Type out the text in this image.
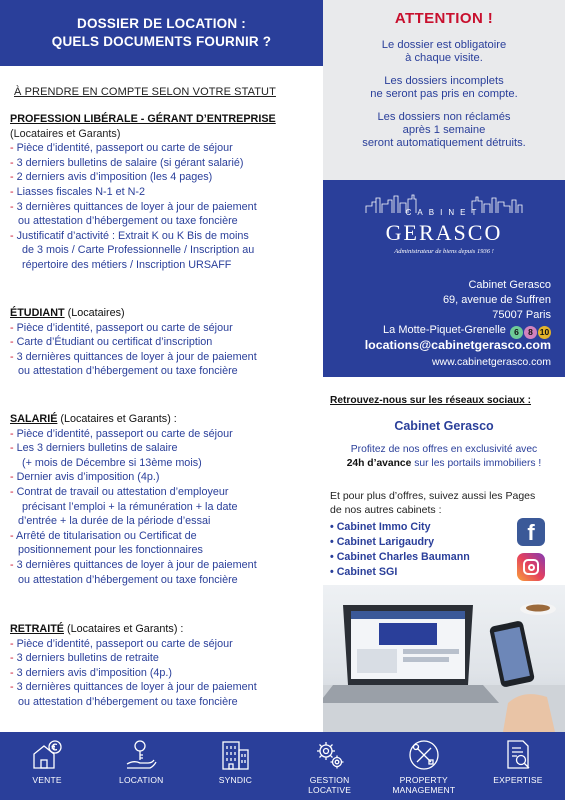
DOSSIER DE LOCATION :
QUELS DOCUMENTS FOURNIR ?
À PRENDRE EN COMPTE SELON VOTRE STATUT
PROFESSION LIBÉRALE - GÉRANT D’ENTREPRISE
(Locataires et Garants)
- Pièce d’identité, passeport ou carte de séjour
- 3 derniers bulletins de salaire (si gérant salarié)
- 2 derniers avis d’imposition (les 4 pages)
- Liasses fiscales N-1 et N-2
- 3 dernières quittances de loyer à jour de paiement
ou attestation d’hébergement ou taxe foncière
- Justificatif d’activité : Extrait K ou K Bis de moins
de 3 mois / Carte Professionnelle / Inscription au
répertoire des métiers / Inscription URSAFF
ÉTUDIANT (Locataires)
- Pièce d’identité, passeport ou carte de séjour
- Carte d’Étudiant ou certificat d’inscription
- 3 dernières quittances de loyer à jour de paiement
ou attestation d’hébergement ou taxe foncière
SALARIÉ (Locataires et Garants) :
- Pièce d’identité, passeport ou carte de séjour
- Les 3 derniers bulletins de salaire
(+ mois de Décembre si 13ème mois)
- Dernier avis d’imposition (4p.)
- Contrat de travail ou attestation d’employeur
précisant l’emploi + la rémunération + la date
d’entrée + la durée de la période d’essai
- Arrêté de titularisation ou Certificat de
positionnement pour les fonctionnaires
- 3 dernières quittances de loyer à jour de paiement
ou attestation d’hébergement ou taxe foncière
RETRAITÉ (Locataires et Garants) :
- Pièce d’identité, passeport ou carte de séjour
- 3 derniers bulletins de retraite
- 3 derniers avis d’imposition (4p.)
- 3 dernières quittances de loyer à jour de paiement
ou attestation d’hébergement ou taxe foncière
ATTENTION !

Le dossier est obligatoire
à chaque visite.

Les dossiers incomplets
ne seront pas pris en compte.

Les dossiers non réclamés
après 1 semaine
seront automatiquement détruits.

CABINET
GERASCO
Administrateur de biens depuis 1936 !
Cabinet Gerasco
69, avenue de Suffren
75007 Paris
La Motte-Piquet-Grenelle 6 8 10
locations@cabinetgerasco.com
www.cabinetgerasco.com
Retrouvez-nous sur les réseaux sociaux :
Cabinet Gerasco
Profitez de nos offres en exclusivité avec
24h d’avance sur les portails immobiliers !
Et pour plus d’offres, suivez aussi les Pages
de nos autres cabinets :
• Cabinet Immo City
• Cabinet Larigaudry
• Cabinet Charles Baumann
• Cabinet SGI
f
VENTE	LOCATION	SYNDIC	GESTION
LOCATIVE
PROPERTY
MANAGEMENT
EXPERTISE
